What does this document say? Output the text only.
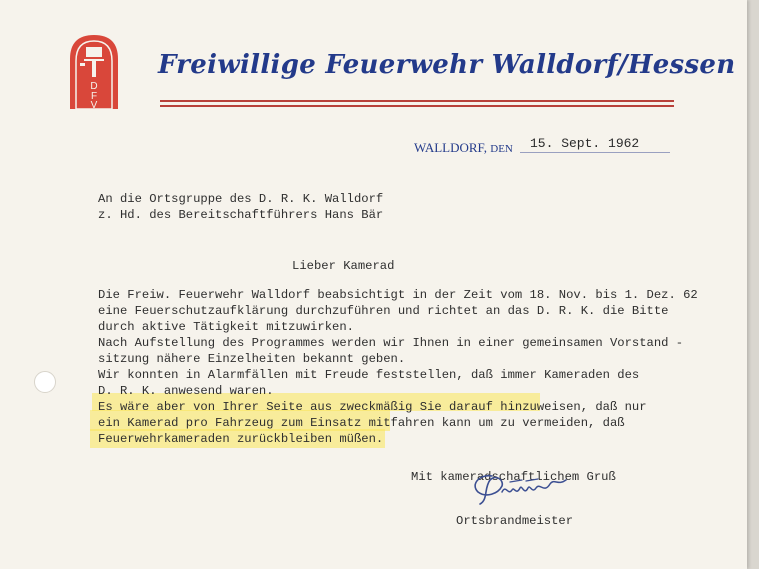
D
F
V
Freiwillige Feuerwehr Walldorf/Hessen
WALLDORF, DEN 15. Sept. 1962
An die Ortsgruppe des D. R. K. Walldorf
z. Hd. des Bereitschaftführers Hans Bär
Lieber Kamerad
Die Freiw. Feuerwehr Walldorf beabsichtigt in der Zeit vom 18. Nov. bis 1. Dez. 62
eine Feuerschutzaufklärung durchzuführen und richtet an das D. R. K. die Bitte
durch aktive Tätigkeit mitzuwirken.
Nach Aufstellung des Programmes werden wir Ihnen in einer gemeinsamen Vorstand -
sitzung nähere Einzelheiten bekannt geben.
Wir konnten in Alarmfällen mit Freude feststellen, daß immer Kameraden des
D. R. K. anwesend waren.
Es wäre aber von Ihrer Seite aus zweckmäßig Sie darauf hinzuweisen, daß nur
ein Kamerad pro Fahrzeug zum Einsatz mitfahren kann um zu vermeiden, daß
Feuerwehrkameraden zurückbleiben müßen.
Mit kameradschaftlichem Gruß
Ortsbrandmeister
